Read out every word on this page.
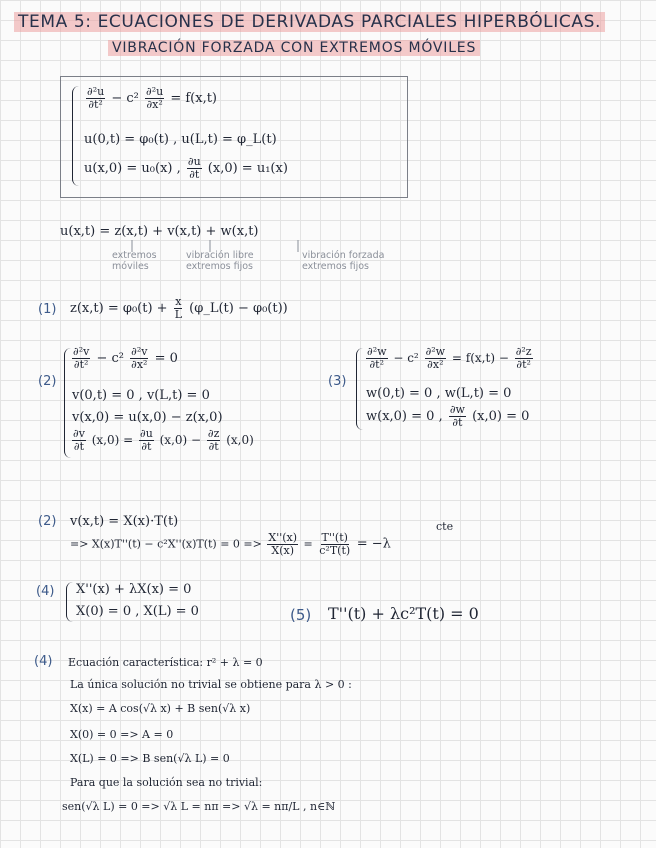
TEMA 5: ECUACIONES DE DERIVADAS PARCIALES HIPERBÓLICAS.
VIBRACIÓN FORZADA CON EXTREMOS MÓVILES
$\frac{\text{∂²u}}{\text{∂t²}} - c^2 \frac{\text{∂²u}}{\text{∂x²}} = f(x,t)$
u(0,t) = φ₀(t) , u(L,t) = φ_L(t)
u(x,0) = u₀(x) , $\frac{\partial u}{\partial t} (x,0) = u_1(x)$
u(x,t) = z(x,t) + v(x,t) + w(x,t)
extremos
móviles
vibración libre
extremos fijos
vibración forzada
extremos fijos
(1) $z(x,t) = \varphi_0(t) + \frac{x}{L}$ (φ_L(t) − φ₀(t))
(2)
$\frac{\text{∂²v}}{\text{∂t²}} - c^2 \frac{\text{∂²v}}{\text{∂x²}} = 0$
v(0,t) = 0 , v(L,t) = 0
v(x,0) = u(x,0) − z(x,0)
$\frac{\partial v}{\partial t} (x,0) = \frac{\partial u}{\partial t} (x,0) - \frac{\partial z}{\partial t} (x,0)$
(3)
$\frac{\text{∂²w}}{\text{∂t²}} - c^2 \frac{\text{∂²w}}{\text{∂x²}} = f(x,t) - \frac{\text{∂²z}}{\text{∂t²}}$
w(0,t) = 0 , w(L,t) = 0
w(x,0) = 0 , $\frac{\partial w}{\partial t} (x,0) = 0$
(2) v(x,t) = X(x)·T(t)	cte
=> $X(x)T''(t) - c^2X''(x)T(t) = 0 => \frac{X''(x)}{X(x)} = \frac{T''(t)}{\text{c²T(t)}} = -\lambda$
(4) X''(x) + λX(x) = 0
X(0) = 0 , X(L) = 0	(5) T''(t) + λc²T(t) = 0
(4) Ecuación característica: r² + λ = 0
La única solución no trivial se obtiene para λ > 0 :
X(x) = A cos(√λ x) + B sen(√λ x)
X(0) = 0 => A = 0
X(L) = 0 => B sen(√λ L) = 0
Para que la solución sea no trivial:
sen(√λ L) = 0 => √λ L = nπ => √λ = nπ/L , n∈ℕ
